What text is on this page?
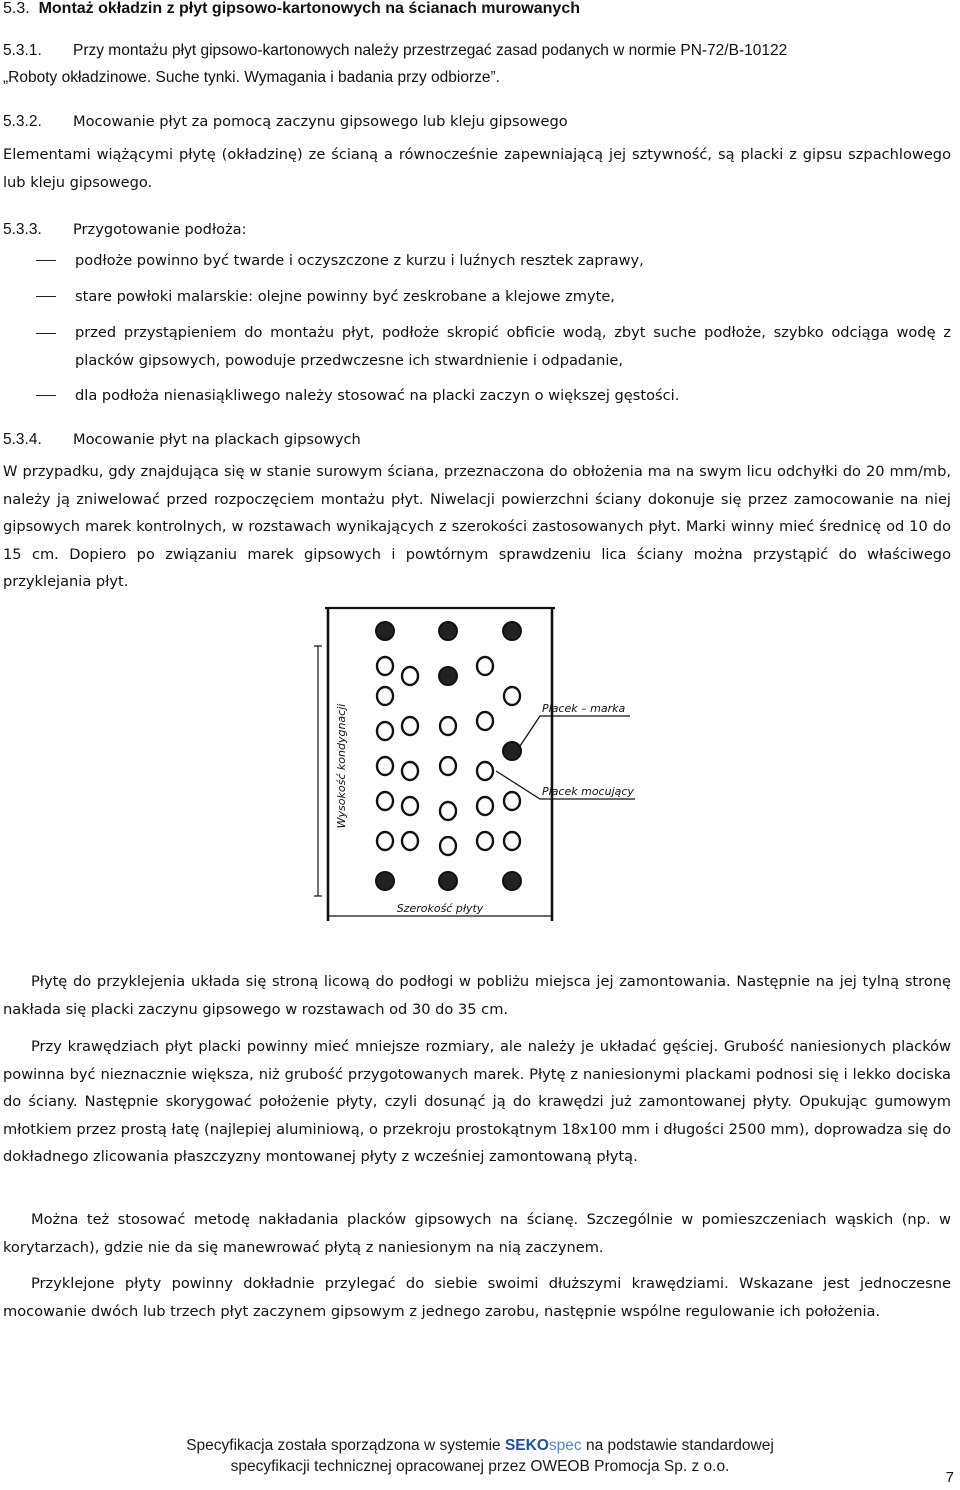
5.3. Montaż okładzin z płyt gipsowo-kartonowych na ścianach murowanych
5.3.1. Przy montażu płyt gipsowo-kartonowych należy przestrzegać zasad podanych w normie PN-72/B-10122
„Roboty okładzinowe. Suche tynki. Wymagania i badania przy odbiorze”.
5.3.2. Mocowanie płyt za pomocą zaczynu gipsowego lub kleju gipsowego
Elementami wiążącymi płytę (okładzinę) ze ścianą a równocześnie zapewniającą jej sztywność, są placki z gipsu szpachlowego lub kleju gipsowego.
5.3.3. Przygotowanie podłoża:
podłoże powinno być twarde i oczyszczone z kurzu i luźnych resztek zaprawy,
stare powłoki malarskie: olejne powinny być zeskrobane a klejowe zmyte,
przed przystąpieniem do montażu płyt, podłoże skropić obficie wodą, zbyt suche podłoże, szybko odciąga wodę z placków gipsowych, powoduje przedwczesne ich stwardnienie i odpadanie,
dla podłoża nienasiąkliwego należy stosować na placki zaczyn o większej gęstości.
5.3.4. Mocowanie płyt na plackach gipsowych
W przypadku, gdy znajdująca się w stanie surowym ściana, przeznaczona do obłożenia ma na swym licu odchyłki do 20 mm/mb, należy ją zniwelować przed rozpoczęciem montażu płyt. Niwelacji powierzchni ściany dokonuje się przez zamocowanie na niej gipsowych marek kontrolnych, w rozstawach wynikających z szerokości zastosowanych płyt. Marki winny mieć średnicę od 10 do 15 cm. Dopiero po związaniu marek gipsowych i powtórnym sprawdzeniu lica ściany można przystąpić do właściwego przyklejania płyt.
Wysokość kondygnacji
Szerokość płyty
Placek – marka
Placek mocujący
Płytę do przyklejenia układa się stroną licową do podłogi w pobliżu miejsca jej zamontowania. Następnie na jej tylną stronę nakłada się placki zaczynu gipsowego w rozstawach od 30 do 35 cm.
Przy krawędziach płyt placki powinny mieć mniejsze rozmiary, ale należy je układać gęściej. Grubość naniesionych placków powinna być nieznacznie większa, niż grubość przygotowanych marek. Płytę z naniesionymi plackami podnosi się i lekko dociska do ściany. Następnie skorygować położenie płyty, czyli dosunąć ją do krawędzi już zamontowanej płyty. Opukując gumowym młotkiem przez prostą łatę (najlepiej aluminiową, o przekroju prostokątnym 18x100 mm i długości 2500 mm), doprowadza się do dokładnego zlicowania płaszczyzny montowanej płyty z wcześniej zamontowaną płytą.
Można też stosować metodę nakładania placków gipsowych na ścianę. Szczególnie w pomieszczeniach wąskich (np. w korytarzach), gdzie nie da się manewrować płytą z naniesionym na nią zaczynem.
Przyklejone płyty powinny dokładnie przylegać do siebie swoimi dłuższymi krawędziami. Wskazane jest jednoczesne mocowanie dwóch lub trzech płyt zaczynem gipsowym z jednego zarobu, następnie wspólne regulowanie ich położenia.
Specyfikacja została sporządzona w systemie SEKOspec na podstawie standardowej
specyfikacji technicznej opracowanej przez OWEOB Promocja Sp. z o.o.
7
